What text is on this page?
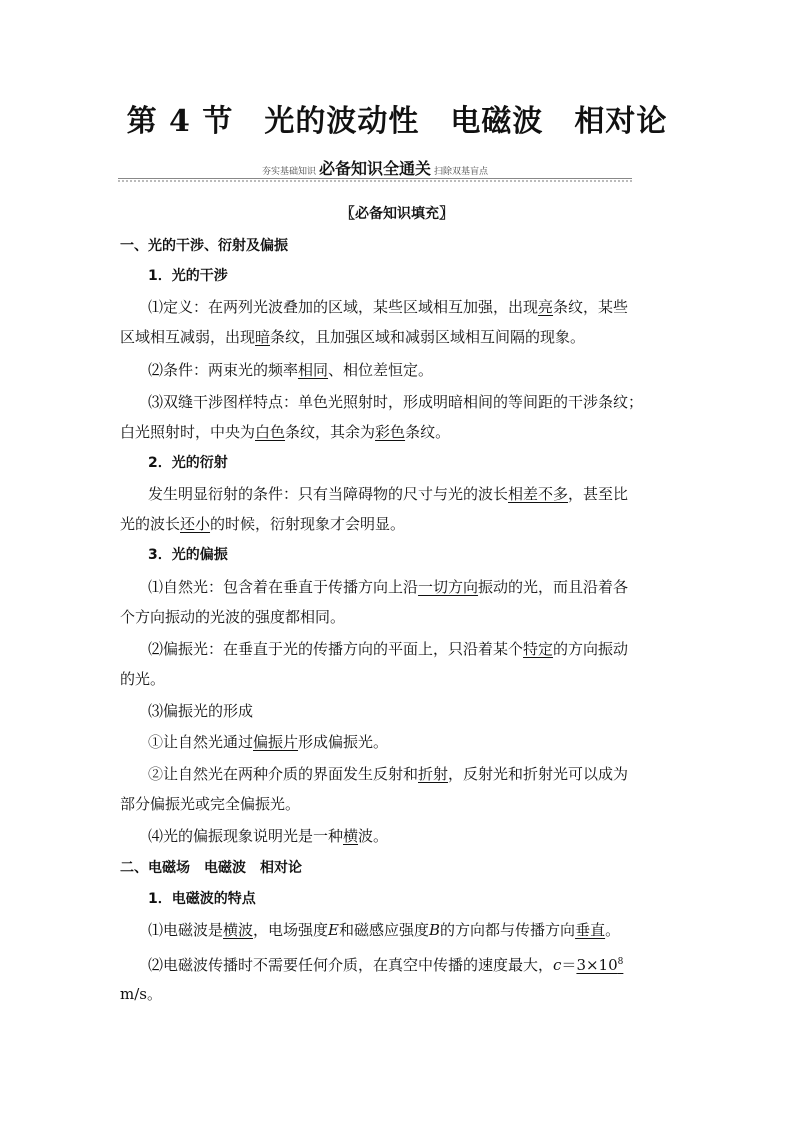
第 4 节　光的波动性　电磁波　相对论
夯实基础知识 必备知识全通关 扫除双基盲点
〖必备知识填充〗
一、光的干涉、衍射及偏振
1．光的干涉
⑴定义：在两列光波叠加的区域，某些区域相互加强，出现亮条纹，某些
区域相互减弱，出现暗条纹，且加强区域和减弱区域相互间隔的现象。
⑵条件：两束光的频率相同、相位差恒定。
⑶双缝干涉图样特点：单色光照射时，形成明暗相间的等间距的干涉条纹；
白光照射时，中央为白色条纹，其余为彩色条纹。
2．光的衍射
发生明显衍射的条件：只有当障碍物的尺寸与光的波长相差不多，甚至比
光的波长还小的时候，衍射现象才会明显。
3．光的偏振
⑴自然光：包含着在垂直于传播方向上沿一切方向振动的光，而且沿着各
个方向振动的光波的强度都相同。
⑵偏振光：在垂直于光的传播方向的平面上，只沿着某个特定的方向振动
的光。
⑶偏振光的形成
①让自然光通过偏振片形成偏振光。
②让自然光在两种介质的界面发生反射和折射，反射光和折射光可以成为
部分偏振光或完全偏振光。
⑷光的偏振现象说明光是一种横波。
二、电磁场　电磁波　相对论
1．电磁波的特点
⑴电磁波是横波，电场强度E和磁感应强度B的方向都与传播方向垂直。
⑵电磁波传播时不需要任何介质，在真空中传播的速度最大，$c=3\times 10^8$
m/s。
